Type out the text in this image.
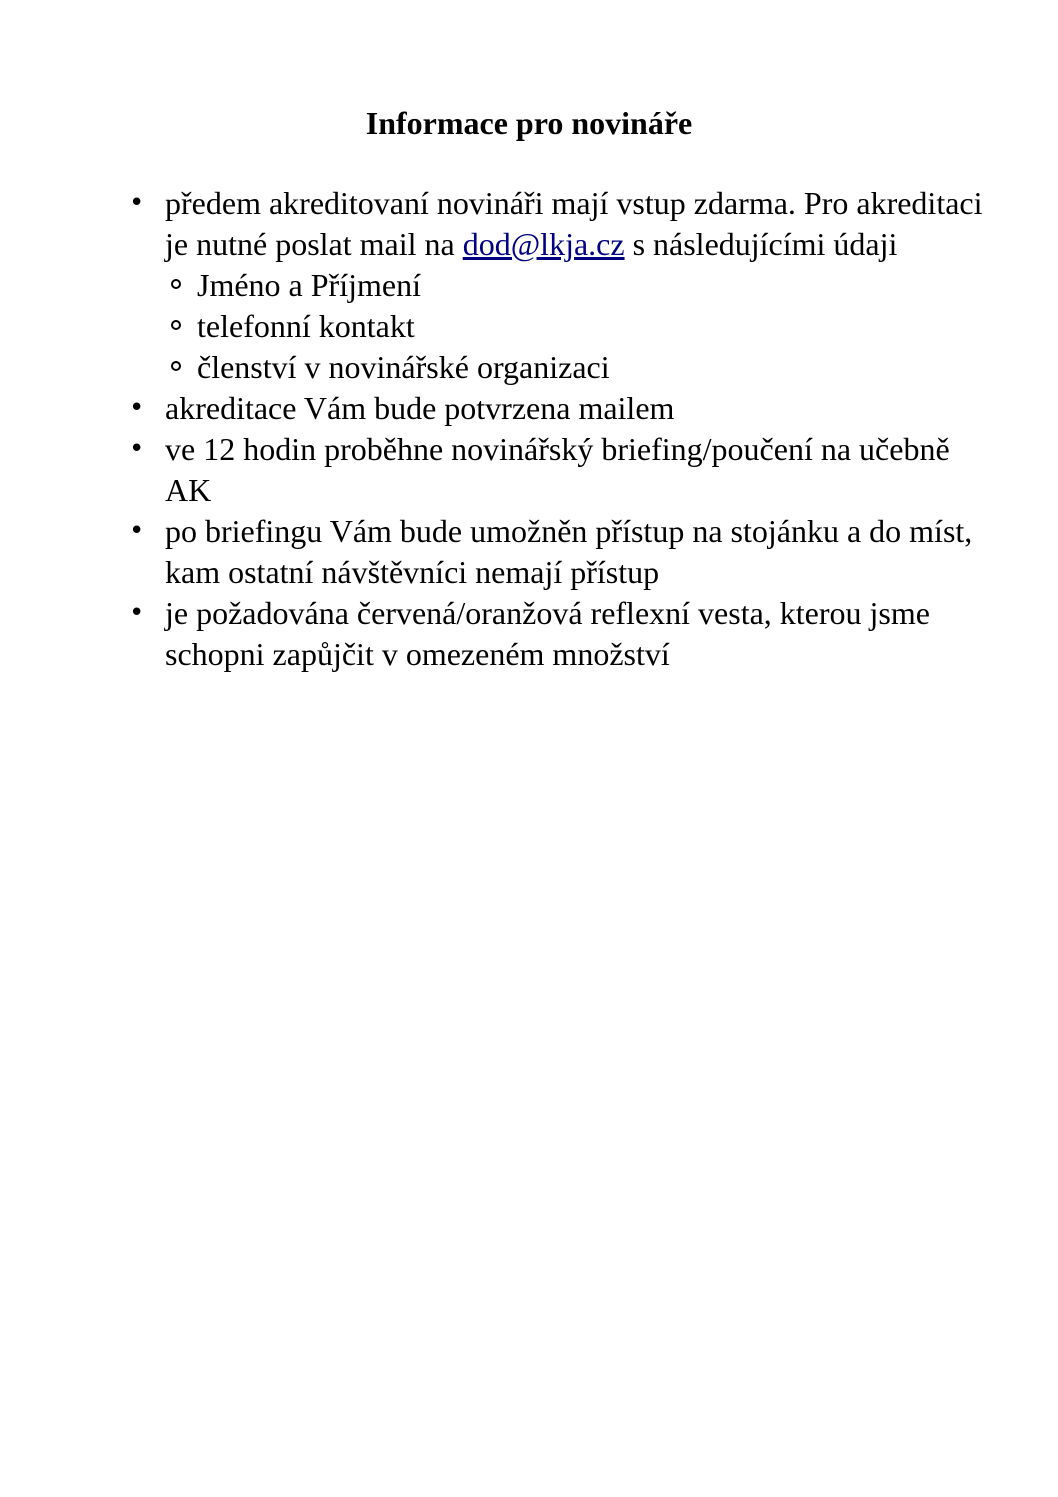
Informace pro novináře
• předem akreditovaní novináři mají vstup zdarma. Pro akreditaci je nutné poslat mail na dod@lkja.cz s následujícími údaji
Jméno a Příjmení
telefonní kontakt
členství v novinářské organizaci
• akreditace Vám bude potvrzena mailem
• ve 12 hodin proběhne novinářský briefing/poučení na učebně AK
• po briefingu Vám bude umožněn přístup na stojánku a do míst, kam ostatní návštěvníci nemají přístup
• je požadována červená/oranžová reflexní vesta, kterou jsme schopni zapůjčit v omezeném množství
